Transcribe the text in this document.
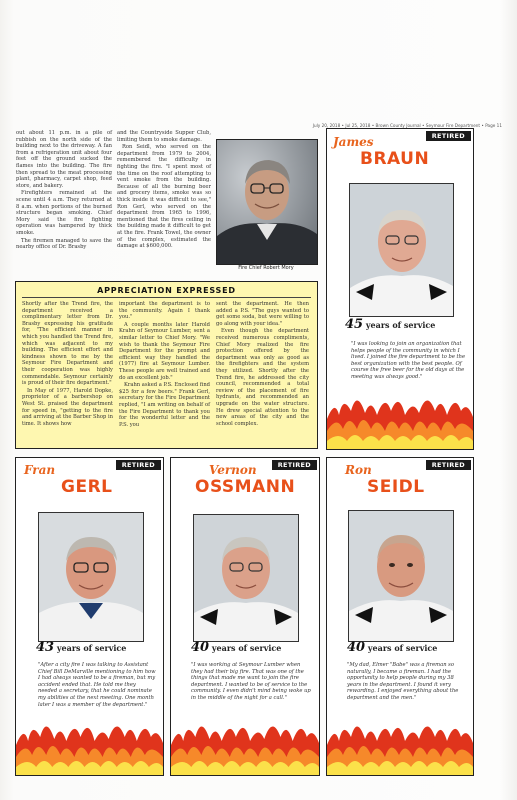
July 20, 2018 • Jul 25, 2018 • Brown County Journal • Seymour Fire Department • Page 11

out about 11 p.m. in a pile of rubbish on the north side of the building next to the driveway. A fan from a refrigeration unit about four feet off the ground sucked the flames into the building. The fire then spread to the meat processing plant, pharmacy, carpet shop, feed store, and bakery.

Firefighters remained at the scene until 4 a.m. They returned at 8 a.m. when portions of the burned structure began smoking. Chief Mory said the fire fighting operation was hampered by thick smoke.

The firemen managed to save the nearby office of Dr. Brasby

and the Countryside Supper Club, limiting them to smoke damage.

Ron Seidl, who served on the department from 1979 to 2004, remembered the difficulty in fighting the fire. "I spent most of the time on the roof attempting to vent smoke from the building. Because of all the burning beer and grocery items, smoke was so thick inside it was difficult to see," Ron Gerl, who served on the department from 1965 to 1996, mentioned that the fires ceiling in the building made it difficult to get at the fire. Frank Towel, the owner of the complex, estimated the damage at $600,000.

Fire Chief Robert Mory
APPRECIATION EXPRESSED

Shortly after the Trend fire, the department received a complimentary letter from Dr. Brasby expressing his gratitude for, "The efficient manner in which you handled the Trend fire, which was adjacent to my building. The efficient effort and kindness shown to me by the Seymour Fire Department and their cooperation was highly commendable. Seymour certainly is proud of their fire department."

In May of 1977, Harold Dopke, proprietor of a barbershop on West St. praised the department for speed in, "getting to the fire and arriving at the Barber Shop in time. It shows how

important the department is to the community. Again I thank you."

A couple months later Harold Krahn of Seymour Lumber, sent a similar letter to Chief Mory. "We wish to thank the Seymour Fire Department for the prompt and efficient way they handled the (1977) fire at Seymour Lumber. These people are well trained and do an excellent job."

Krahn asked a P.S. Enclosed find $25 for a few beers." Frank Gerl, secretary for the Fire Department replied, "I am writing on behalf of the Fire Department to thank you for the wonderful letter and the P.S. you

sent the department. He then added a P.S. "The guys wanted to get some soda, but were willing to go along with your idea."

Even though the department received numerous compliments, Chief Mory realized the fire protection offered by the department was only as good as the firefighters and the system they utilized. Shortly after the Trend fire, he addressed the city council, recommended a total review of the placement of fire hydrants, and recommended an upgrade on the water structure. He drew special attention to the new areas of the city and the school complex.

RETIRED
James
BRAUN
45 years of service
"I was looking to join an organization that helps people of the community in which I lived. I joined the fire department to be the best organization with the best people. Of course the free beer for the old days at the meeting was always good."
RETIRED
Fran
GERL
43 years of service
"After a city fire I was talking to Assistant Chief Bill DeMarville mentioning to him how I had always wanted to be a fireman, but my accident ended that. He told me they needed a secretary, that he could nominate my abilities at the next meeting. One month later I was a member of the department."
RETIRED
Vernon
OSSMANN
40 years of service
"I was working at Seymour Lumber when they had their big fire. That was one of the things that made me want to join the fire department. I wanted to be of service to the community. I even didn't mind being woke up in the middle of the night for a call."
RETIRED
Ron
SEIDL
40 years of service
"My dad, Elmer "Babe" was a fireman so naturally, I became a fireman. I had the opportunity to help people during my 38 years in the department. I found it very rewarding. I enjoyed everything about the department and the men."
